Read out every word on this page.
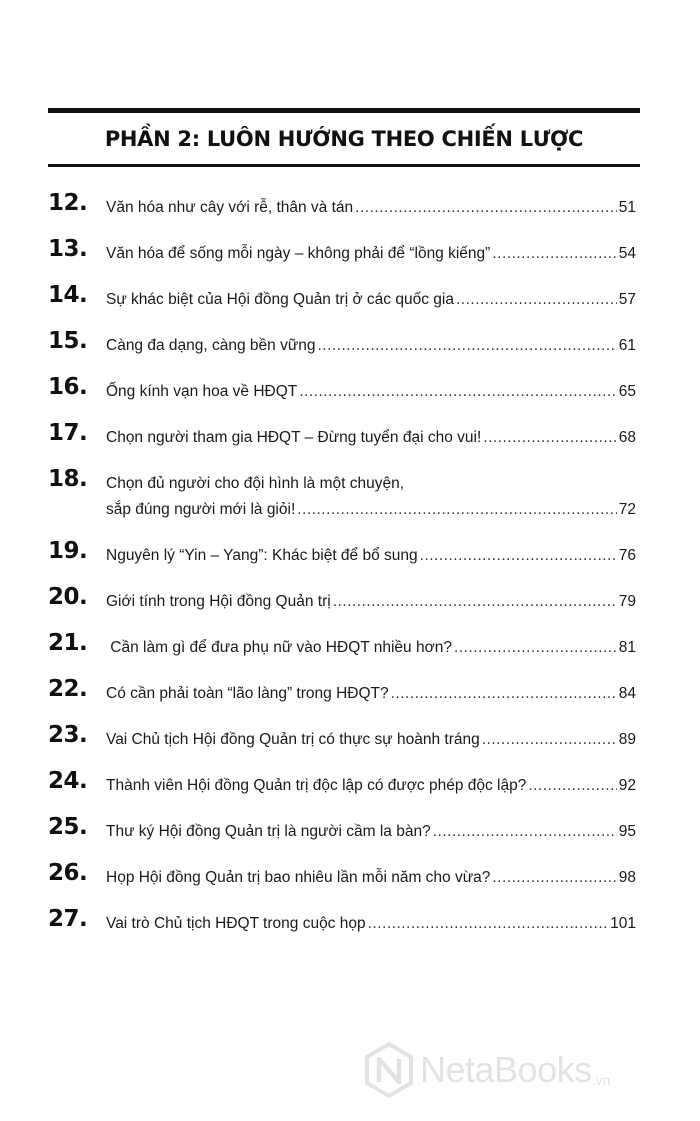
PHẦN 2: LUÔN HƯỚNG THEO CHIẾN LƯỢC
12. Văn hóa như cây với rễ, thân và tán .....	51
13. Văn hóa để sống mỗi ngày – không phải để “lồng kiếng” .....	54
14. Sự khác biệt của Hội đồng Quản trị ở các quốc gia .....	57
15. Càng đa dạng, càng bền vững .....	61
16. Ống kính vạn hoa về HĐQT .....	65
17. Chọn người tham gia HĐQT – Đừng tuyển đại cho vui! .....	68
18. Chọn đủ người cho đội hình là một chuyện,
sắp đúng người mới là giỏi! .....	72
19. Nguyên lý “Yin – Yang”: Khác biệt để bổ sung .....	76
20. Giới tính trong Hội đồng Quản trị .....	79
21. Cần làm gì để đưa phụ nữ vào HĐQT nhiều hơn? .....	81
22. Có cần phải toàn “lão làng” trong HĐQT? .....	84
23. Vai Chủ tịch Hội đồng Quản trị có thực sự hoành tráng .....	89
24. Thành viên Hội đồng Quản trị độc lập có được phép độc lập? .....	92
25. Thư ký Hội đồng Quản trị là người cầm la bàn? .....	95
26. Họp Hội đồng Quản trị bao nhiêu lần mỗi năm cho vừa? .....	98
27. Vai trò Chủ tịch HĐQT trong cuộc họp .....	101
NetaBooks .vn
